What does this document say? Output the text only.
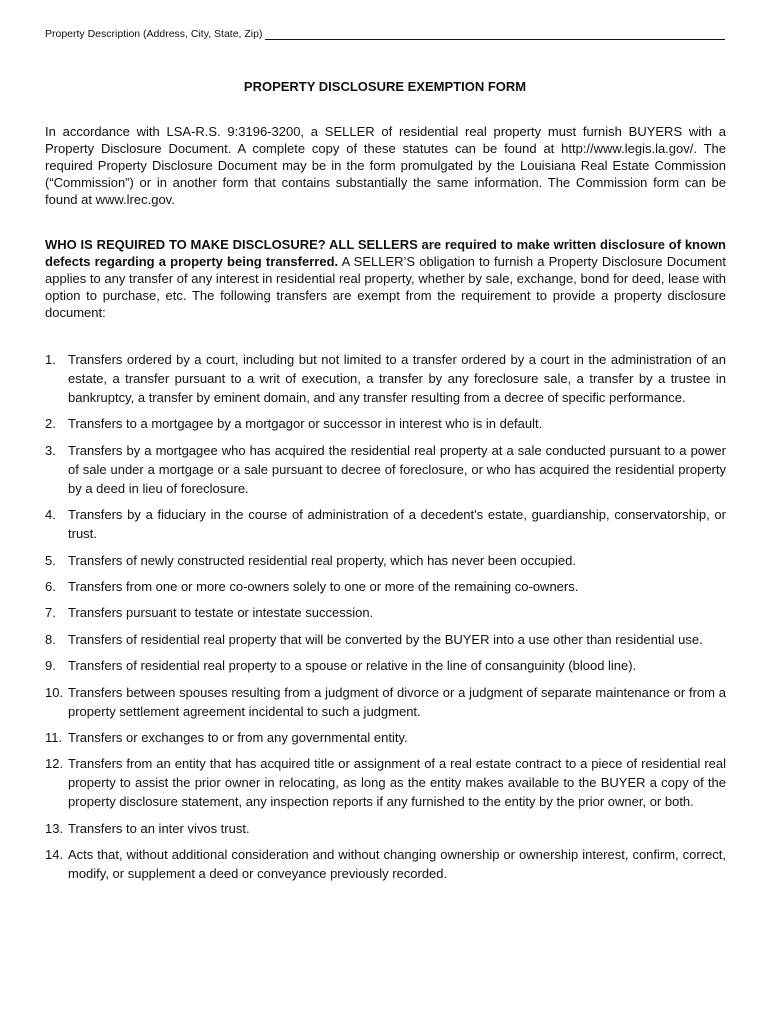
Property Description (Address, City, State, Zip)
PROPERTY DISCLOSURE EXEMPTION FORM
In accordance with LSA-R.S. 9:3196-3200, a SELLER of residential real property must furnish BUYERS with a Property Disclosure Document. A complete copy of these statutes can be found at http://www.legis.la.gov/. The required Property Disclosure Document may be in the form promulgated by the Louisiana Real Estate Commission (“Commission”) or in another form that contains substantially the same information. The Commission form can be found at www.lrec.gov.
WHO IS REQUIRED TO MAKE DISCLOSURE? ALL SELLERS are required to make written disclosure of known defects regarding a property being transferred. A SELLER’S obligation to furnish a Property Disclosure Document applies to any transfer of any interest in residential real property, whether by sale, exchange, bond for deed, lease with option to purchase, etc. The following transfers are exempt from the requirement to provide a property disclosure document:
1. Transfers ordered by a court, including but not limited to a transfer ordered by a court in the administration of an estate, a transfer pursuant to a writ of execution, a transfer by any foreclosure sale, a transfer by a trustee in bankruptcy, a transfer by eminent domain, and any transfer resulting from a decree of specific performance.
2. Transfers to a mortgagee by a mortgagor or successor in interest who is in default.
3. Transfers by a mortgagee who has acquired the residential real property at a sale conducted pursuant to a power of sale under a mortgage or a sale pursuant to decree of foreclosure, or who has acquired the residential property by a deed in lieu of foreclosure.
4. Transfers by a fiduciary in the course of administration of a decedent's estate, guardianship, conservatorship, or trust.
5. Transfers of newly constructed residential real property, which has never been occupied.
6. Transfers from one or more co-owners solely to one or more of the remaining co-owners.
7. Transfers pursuant to testate or intestate succession.
8. Transfers of residential real property that will be converted by the BUYER into a use other than residential use.
9. Transfers of residential real property to a spouse or relative in the line of consanguinity (blood line).
10. Transfers between spouses resulting from a judgment of divorce or a judgment of separate maintenance or from a property settlement agreement incidental to such a judgment.
11. Transfers or exchanges to or from any governmental entity.
12. Transfers from an entity that has acquired title or assignment of a real estate contract to a piece of residential real property to assist the prior owner in relocating, as long as the entity makes available to the BUYER a copy of the property disclosure statement, any inspection reports if any furnished to the entity by the prior owner, or both.
13. Transfers to an inter vivos trust.
14. Acts that, without additional consideration and without changing ownership or ownership interest, confirm, correct, modify, or supplement a deed or conveyance previously recorded.
